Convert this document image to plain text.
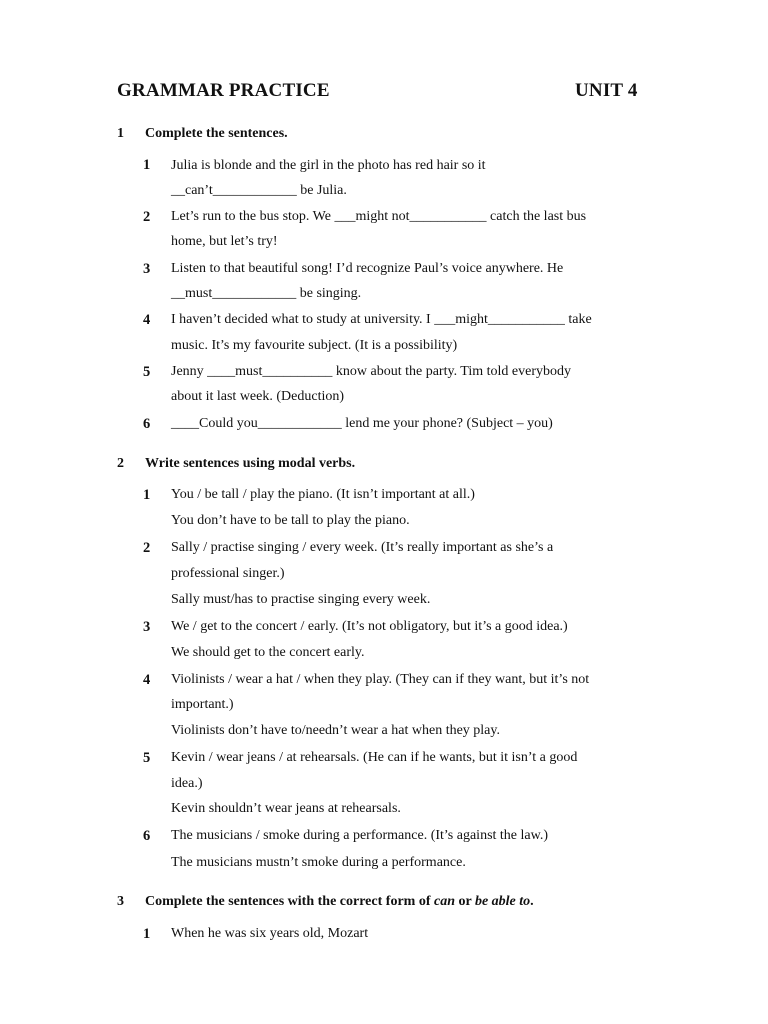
GRAMMAR PRACTICE	UNIT 4
1 Complete the sentences.
1 Julia is blonde and the girl in the photo has red hair so it
__can’t____________ be Julia.
2 Let’s run to the bus stop. We ___might not___________ catch the last bus
home, but let’s try!
3 Listen to that beautiful song! I’d recognize Paul’s voice anywhere. He
__must____________ be singing.
4 I haven’t decided what to study at university. I ___might___________ take
music. It’s my favourite subject. (It is a possibility)
5 Jenny ____must__________ know about the party. Tim told everybody
about it last week. (Deduction)
6 ____Could you____________ lend me your phone? (Subject – you)
2 Write sentences using modal verbs.
1 You / be tall / play the piano. (It isn’t important at all.)
You don’t have to be tall to play the piano.
2 Sally / practise singing / every week. (It’s really important as she’s a
professional singer.)
Sally must/has to practise singing every week.
3 We / get to the concert / early. (It’s not obligatory, but it’s a good idea.)
We should get to the concert early.
4 Violinists / wear a hat / when they play. (They can if they want, but it’s not
important.)
Violinists don’t have to/needn’t wear a hat when they play.
5 Kevin / wear jeans / at rehearsals. (He can if he wants, but it isn’t a good
idea.)
Kevin shouldn’t wear jeans at rehearsals.
6 The musicians / smoke during a performance. (It’s against the law.)
The musicians mustn’t smoke during a performance.
3 Complete the sentences with the correct form of can or be able to.
1 When he was six years old, Mozart
